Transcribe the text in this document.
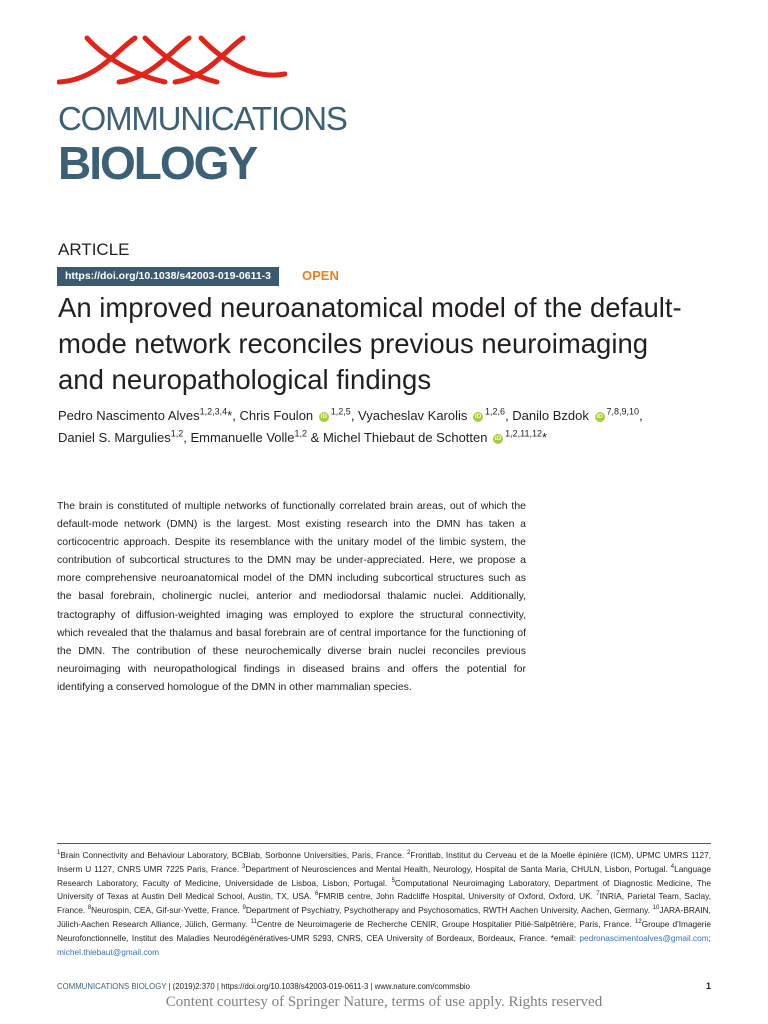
COMMUNICATIONS
BIOLOGY
ARTICLE
https://doi.org/10.1038/s42003-019-0611-3	OPEN
An improved neuroanatomical model of the default-mode network reconciles previous neuroimaging and neuropathological findings
Pedro Nascimento Alves$^{1,2,3,4}$*, Chris Foulon iD $^{1,2,5}$, Vyacheslav Karolis iD $^{1,2,6}$, Danilo Bzdok iD $^{7,8,9,10}$,
Daniel S. Margulies$^{1,2}$, Emmanuelle Volle$^{1,2}$ & Michel Thiebaut de Schotten iD $^{1,2,11,12}$*

The brain is constituted of multiple networks of functionally correlated brain areas, out of which the default-mode network (DMN) is the largest. Most existing research into the DMN has taken a corticocentric approach. Despite its resemblance with the unitary model of the limbic system, the contribution of subcortical structures to the DMN may be under-appreciated. Here, we propose a more comprehensive neuroanatomical model of the DMN including subcortical structures such as the basal forebrain, cholinergic nuclei, anterior and mediodorsal thalamic nuclei. Additionally, tractography of diffusion-weighted imaging was employed to explore the structural connectivity, which revealed that the thalamus and basal forebrain are of central importance for the functioning of the DMN. The contribution of these neurochemically diverse brain nuclei reconciles previous neuroimaging with neuropathological findings in diseased brains and offers the potential for identifying a conserved homologue of the DMN in other mammalian species.

$^1$Brain Connectivity and Behaviour Laboratory, BCBlab, Sorbonne Universities, Paris, France. $^2$Frontlab, Institut du Cerveau et de la Moelle épinière (ICM), UPMC UMRS 1127, Inserm U 1127, CNRS UMR 7225 Paris, France. $^3$Department of Neurosciences and Mental Health, Neurology, Hospital de Santa Maria, CHULN, Lisbon, Portugal. $^4$Language Research Laboratory, Faculty of Medicine, Universidade de Lisboa, Lisbon, Portugal. $^5$Computational Neuroimaging Laboratory, Department of Diagnostic Medicine, The University of Texas at Austin Dell Medical School, Austin, TX, USA. $^6$FMRIB centre, John Radcliffe Hospital, University of Oxford, Oxford, UK. $^7$INRIA, Parietal Team, Saclay, France. $^8$Neurospin, CEA, Gif-sur-Yvette, France. $^9$Department of Psychiatry, Psychotherapy and Psychosomatics, RWTH Aachen University, Aachen, Germany. $^{10}$JARA-BRAIN, Jülich-Aachen Research Alliance, Jülich, Germany. $^{11}$Centre de Neuroimagerie de Recherche CENIR, Groupe Hospitalier Pitié-Salpêtrière, Paris, France. $^{12}$Groupe d'Imagerie Neurofonctionnelle, Institut des Maladies Neurodégénératives-UMR 5293, CNRS, CEA University of Bordeaux, Bordeaux, France. *email: pedronascimentoalves@gmail.com; michel.thiebaut@gmail.com

COMMUNICATIONS BIOLOGY | (2019)2:370 | https://doi.org/10.1038/s42003-019-0611-3 | www.nature.com/commsbio	1
Content courtesy of Springer Nature, terms of use apply. Rights reserved
